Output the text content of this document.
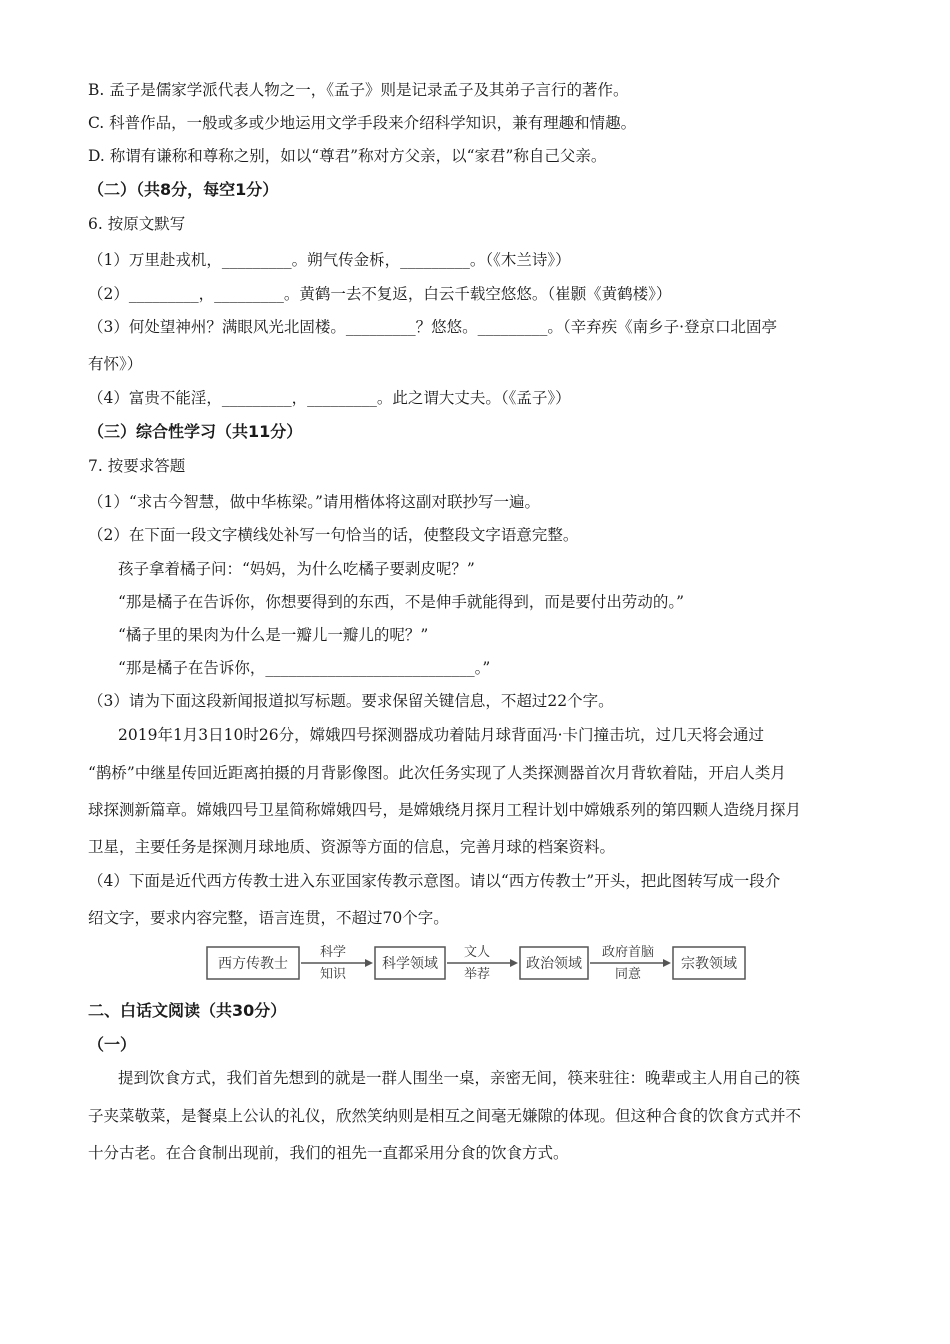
B. 孟子是儒家学派代表人物之一，《孟子》则是记录孟子及其弟子言行的著作。
C. 科普作品，一般或多或少地运用文学手段来介绍科学知识，兼有理趣和情趣。
D. 称谓有谦称和尊称之别，如以“尊君”称对方父亲，以“家君”称自己父亲。
（二）（共8分，每空1分）
6. 按原文默写
（1）万里赴戎机，_________。朔气传金柝，_________。（《木兰诗》）
（2）_________，_________。黄鹤一去不复返，白云千载空悠悠。（崔颢《黄鹤楼》）
（3）何处望神州？满眼风光北固楼。_________？悠悠。_________。（辛弃疾《南乡子·登京口北固亭
有怀》）
（4）富贵不能淫，_________，_________。此之谓大丈夫。（《孟子》）
（三）综合性学习（共11分）
7. 按要求答题
（1）“求古今智慧，做中华栋梁。”请用楷体将这副对联抄写一遍。
（2）在下面一段文字横线处补写一句恰当的话，使整段文字语意完整。
孩子拿着橘子问：“妈妈，为什么吃橘子要剥皮呢？”
“那是橘子在告诉你，你想要得到的东西，不是伸手就能得到，而是要付出劳动的。”
“橘子里的果肉为什么是一瓣儿一瓣儿的呢？”
“那是橘子在告诉你，___________________________。”
（3）请为下面这段新闻报道拟写标题。要求保留关键信息，不超过22个字。
2019年1月3日10时26分，嫦娥四号探测器成功着陆月球背面冯·卡门撞击坑，过几天将会通过
“鹊桥”中继星传回近距离拍摄的月背影像图。此次任务实现了人类探测器首次月背软着陆，开启人类月
球探测新篇章。嫦娥四号卫星简称嫦娥四号，是嫦娥绕月探月工程计划中嫦娥系列的第四颗人造绕月探月
卫星，主要任务是探测月球地质、资源等方面的信息，完善月球的档案资料。
（4）下面是近代西方传教士进入东亚国家传教示意图。请以“西方传教士”开头，把此图转写成一段介
绍文字，要求内容完整，语言连贯，不超过70个字。
西方传教士
科学
知识
科学领域
文人
举荐
政治领域
政府首脑
同意
宗教领域
二、白话文阅读（共30分）
（一）
提到饮食方式，我们首先想到的就是一群人围坐一桌，亲密无间，筷来驻往：晚辈或主人用自己的筷
子夹菜敬菜，是餐桌上公认的礼仪，欣然笑纳则是相互之间毫无嫌隙的体现。但这种合食的饮食方式并不
十分古老。在合食制出现前，我们的祖先一直都采用分食的饮食方式。
